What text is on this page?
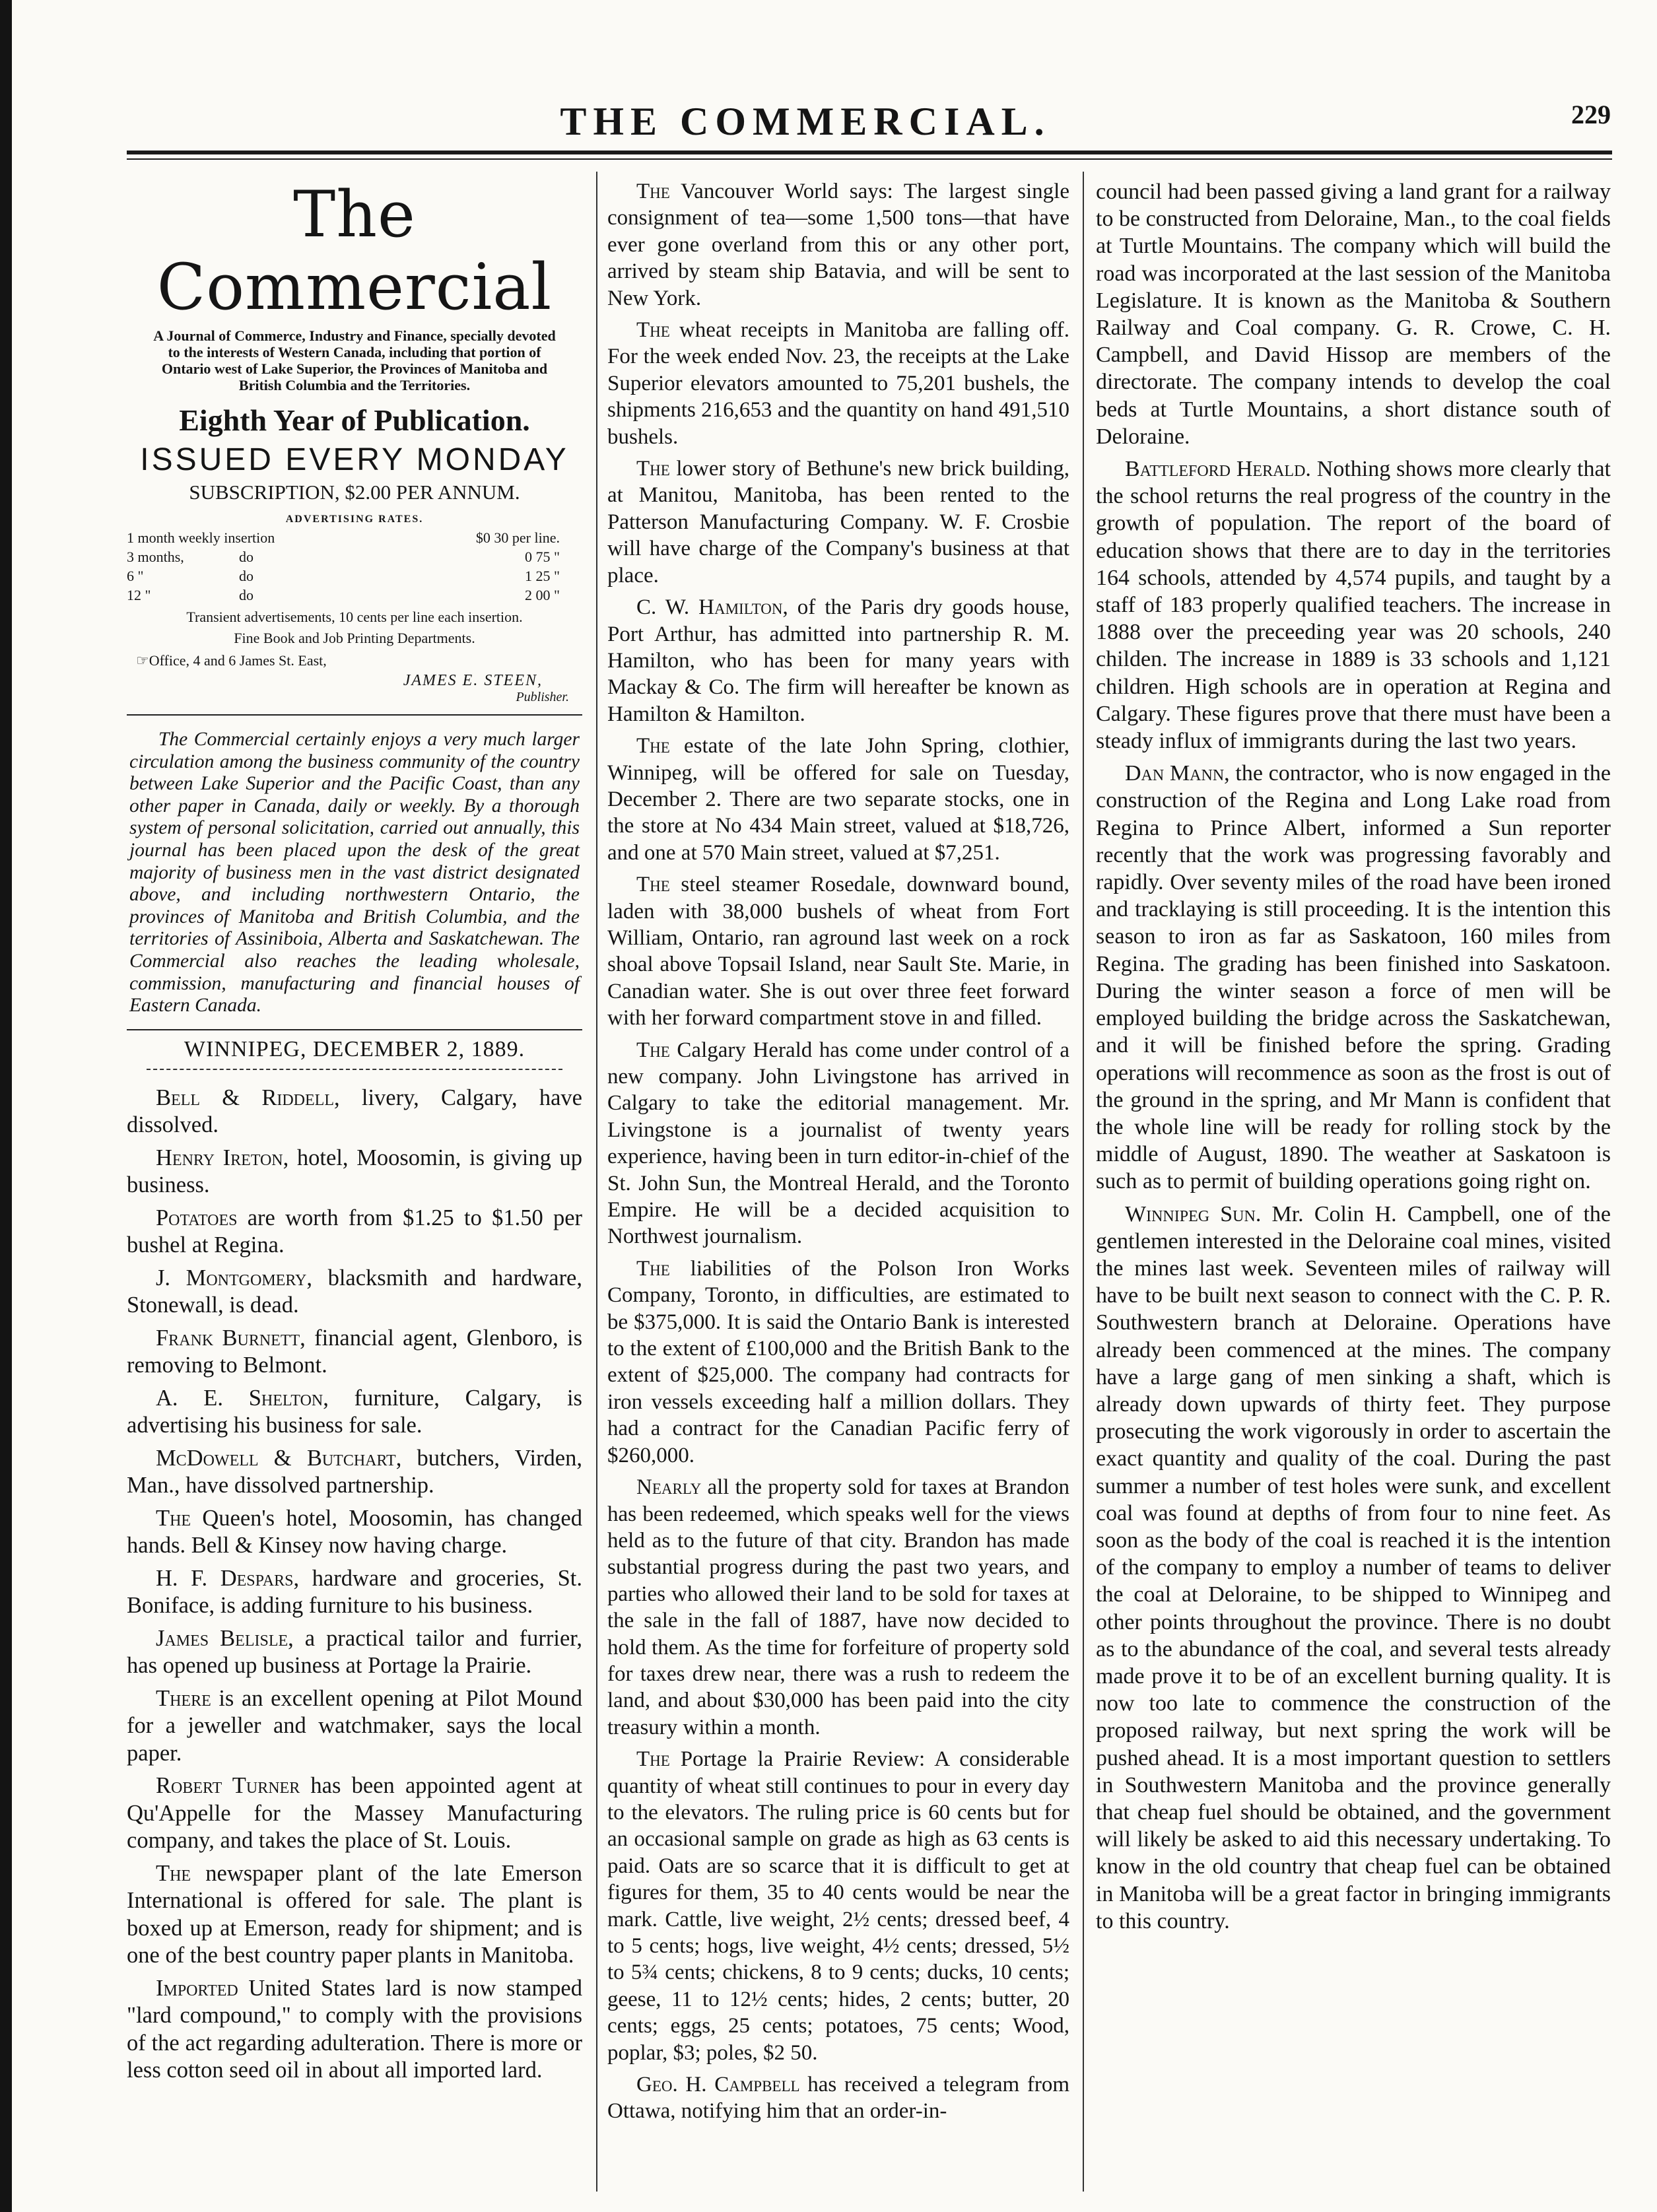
THE COMMERCIAL.	229
The Commercial
A Journal of Commerce, Industry and Finance, specially devoted to the interests of Western Canada, including that portion of Ontario west of Lake Superior, the Provinces of Manitoba and British Columbia and the Territories.
Eighth Year of Publication.
ISSUED EVERY MONDAY
SUBSCRIPTION, $2.00 PER ANNUM.
ADVERTISING RATES.
1 month weekly insertion	$0 30 per line.
3 months,	do	0 75 "
6 "	do	1 25 "
12 "	do	2 00 "
Transient advertisements, 10 cents per line each insertion.
Fine Book and Job Printing Departments.
☞Office, 4 and 6 James St. East,
JAMES E. STEEN,
Publisher.
The Commercial certainly enjoys a very much larger circulation among the business community of the country between Lake Superior and the Pacific Coast, than any other paper in Canada, daily or weekly. By a thorough system of personal solicitation, carried out annually, this journal has been placed upon the desk of the great majority of business men in the vast district designated above, and including northwestern Ontario, the provinces of Manitoba and British Columbia, and the territories of Assiniboia, Alberta and Saskatchewan. The Commercial also reaches the leading wholesale, commission, manufacturing and financial houses of Eastern Canada.
WINNIPEG, DECEMBER 2, 1889.

Bell & Riddell, livery, Calgary, have dissolved.

Henry Ireton, hotel, Moosomin, is giving up business.

Potatoes are worth from $1.25 to $1.50 per bushel at Regina.

J. Montgomery, blacksmith and hardware, Stonewall, is dead.

Frank Burnett, financial agent, Glenboro, is removing to Belmont.

A. E. Shelton, furniture, Calgary, is advertising his business for sale.

McDowell & Butchart, butchers, Virden, Man., have dissolved partnership.

The Queen's hotel, Moosomin, has changed hands. Bell & Kinsey now having charge.

H. F. Despars, hardware and groceries, St. Boniface, is adding furniture to his business.

James Belisle, a practical tailor and furrier, has opened up business at Portage la Prairie.

There is an excellent opening at Pilot Mound for a jeweller and watchmaker, says the local paper.

Robert Turner has been appointed agent at Qu'Appelle for the Massey Manufacturing company, and takes the place of St. Louis.

The newspaper plant of the late Emerson International is offered for sale. The plant is boxed up at Emerson, ready for shipment; and is one of the best country paper plants in Manitoba.

Imported United States lard is now stamped "lard compound," to comply with the provisions of the act regarding adulteration. There is more or less cotton seed oil in about all imported lard.

The Vancouver World says: The largest single consignment of tea—some 1,500 tons—that have ever gone overland from this or any other port, arrived by steam ship Batavia, and will be sent to New York.

The wheat receipts in Manitoba are falling off. For the week ended Nov. 23, the receipts at the Lake Superior elevators amounted to 75,201 bushels, the shipments 216,653 and the quantity on hand 491,510 bushels.

The lower story of Bethune's new brick building, at Manitou, Manitoba, has been rented to the Patterson Manufacturing Company. W. F. Crosbie will have charge of the Company's business at that place.

C. W. Hamilton, of the Paris dry goods house, Port Arthur, has admitted into partnership R. M. Hamilton, who has been for many years with Mackay & Co. The firm will hereafter be known as Hamilton & Hamilton.

The estate of the late John Spring, clothier, Winnipeg, will be offered for sale on Tuesday, December 2. There are two separate stocks, one in the store at No 434 Main street, valued at $18,726, and one at 570 Main street, valued at $7,251.

The steel steamer Rosedale, downward bound, laden with 38,000 bushels of wheat from Fort William, Ontario, ran aground last week on a rock shoal above Topsail Island, near Sault Ste. Marie, in Canadian water. She is out over three feet forward with her forward compartment stove in and filled.

The Calgary Herald has come under control of a new company. John Livingstone has arrived in Calgary to take the editorial management. Mr. Livingstone is a journalist of twenty years experience, having been in turn editor-in-chief of the St. John Sun, the Montreal Herald, and the Toronto Empire. He will be a decided acquisition to Northwest journalism.

The liabilities of the Polson Iron Works Company, Toronto, in difficulties, are estimated to be $375,000. It is said the Ontario Bank is interested to the extent of £100,000 and the British Bank to the extent of $25,000. The company had contracts for iron vessels exceeding half a million dollars. They had a contract for the Canadian Pacific ferry of $260,000.

Nearly all the property sold for taxes at Brandon has been redeemed, which speaks well for the views held as to the future of that city. Brandon has made substantial progress during the past two years, and parties who allowed their land to be sold for taxes at the sale in the fall of 1887, have now decided to hold them. As the time for forfeiture of property sold for taxes drew near, there was a rush to redeem the land, and about $30,000 has been paid into the city treasury within a month.

The Portage la Prairie Review: A considerable quantity of wheat still continues to pour in every day to the elevators. The ruling price is 60 cents but for an occasional sample on grade as high as 63 cents is paid. Oats are so scarce that it is difficult to get at figures for them, 35 to 40 cents would be near the mark. Cattle, live weight, 2½ cents; dressed beef, 4 to 5 cents; hogs, live weight, 4½ cents; dressed, 5½ to 5¾ cents; chickens, 8 to 9 cents; ducks, 10 cents; geese, 11 to 12½ cents; hides, 2 cents; butter, 20 cents; eggs, 25 cents; potatoes, 75 cents; Wood, poplar, $3; poles, $2 50.

Geo. H. Campbell has received a telegram from Ottawa, notifying him that an order-in-

council had been passed giving a land grant for a railway to be constructed from Deloraine, Man., to the coal fields at Turtle Mountains. The company which will build the road was incorporated at the last session of the Manitoba Legislature. It is known as the Manitoba & Southern Railway and Coal company. G. R. Crowe, C. H. Campbell, and David Hissop are members of the directorate. The company intends to develop the coal beds at Turtle Mountains, a short distance south of Deloraine.

Battleford Herald. Nothing shows more clearly that the school returns the real progress of the country in the growth of population. The report of the board of education shows that there are to day in the territories 164 schools, attended by 4,574 pupils, and taught by a staff of 183 properly qualified teachers. The increase in 1888 over the preceeding year was 20 schools, 240 childen. The increase in 1889 is 33 schools and 1,121 children. High schools are in operation at Regina and Calgary. These figures prove that there must have been a steady influx of immigrants during the last two years.

Dan Mann, the contractor, who is now engaged in the construction of the Regina and Long Lake road from Regina to Prince Albert, informed a Sun reporter recently that the work was progressing favorably and rapidly. Over seventy miles of the road have been ironed and tracklaying is still proceeding. It is the intention this season to iron as far as Saskatoon, 160 miles from Regina. The grading has been finished into Saskatoon. During the winter season a force of men will be employed building the bridge across the Saskatchewan, and it will be finished before the spring. Grading operations will recommence as soon as the frost is out of the ground in the spring, and Mr Mann is confident that the whole line will be ready for rolling stock by the middle of August, 1890. The weather at Saskatoon is such as to permit of building operations going right on.

Winnipeg Sun. Mr. Colin H. Campbell, one of the gentlemen interested in the Deloraine coal mines, visited the mines last week. Seventeen miles of railway will have to be built next season to connect with the C. P. R. Southwestern branch at Deloraine. Operations have already been commenced at the mines. The company have a large gang of men sinking a shaft, which is already down upwards of thirty feet. They purpose prosecuting the work vigorously in order to ascertain the exact quantity and quality of the coal. During the past summer a number of test holes were sunk, and excellent coal was found at depths of from four to nine feet. As soon as the body of the coal is reached it is the intention of the company to employ a number of teams to deliver the coal at Deloraine, to be shipped to Winnipeg and other points throughout the province. There is no doubt as to the abundance of the coal, and several tests already made prove it to be of an excellent burning quality. It is now too late to commence the construction of the proposed railway, but next spring the work will be pushed ahead. It is a most important question to settlers in Southwestern Manitoba and the province generally that cheap fuel should be obtained, and the government will likely be asked to aid this necessary undertaking. To know in the old country that cheap fuel can be obtained in Manitoba will be a great factor in bringing immigrants to this country.
